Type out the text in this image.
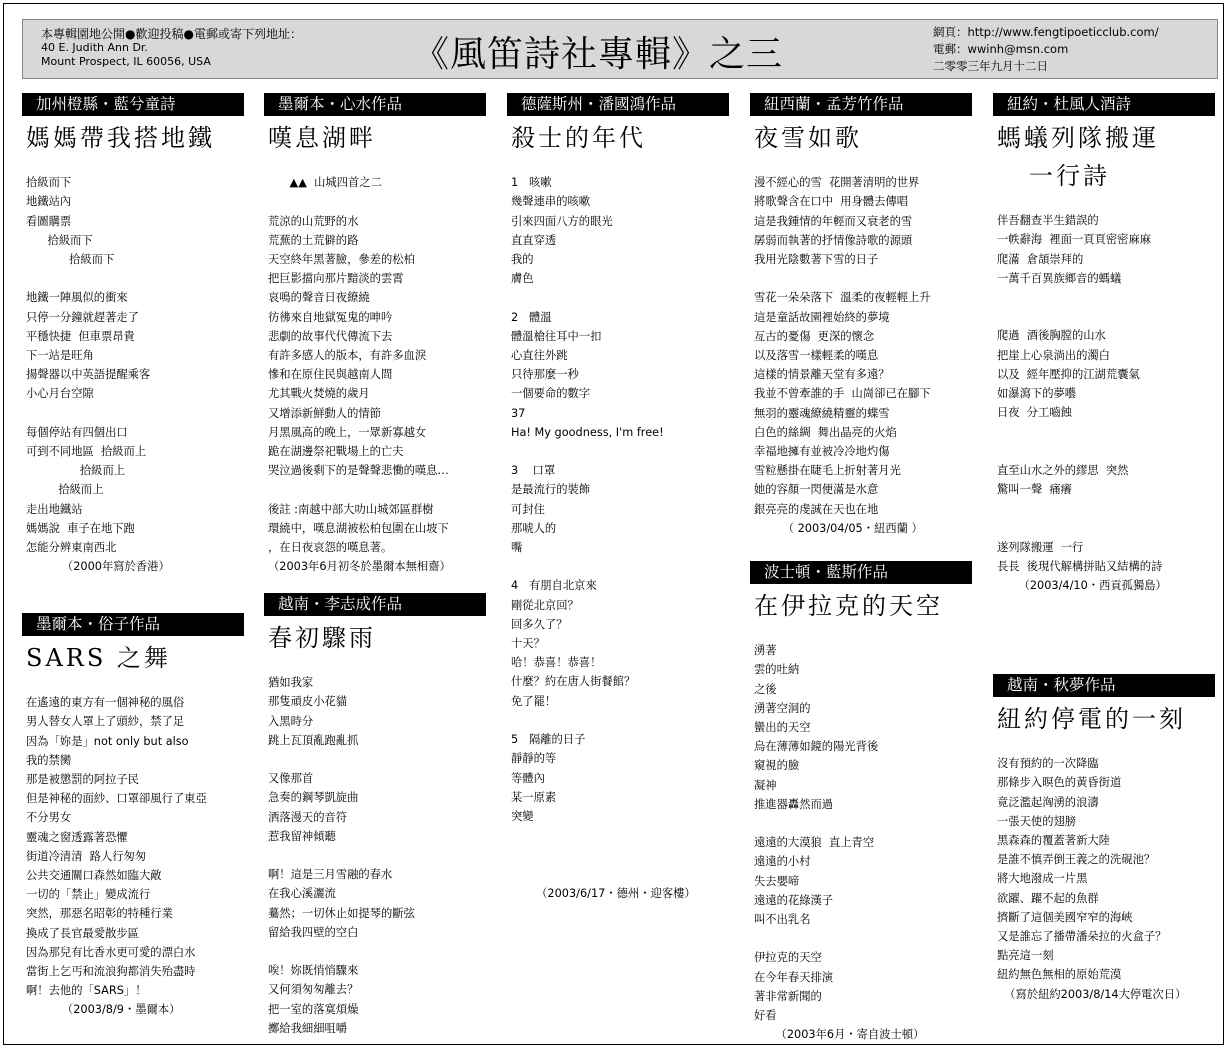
本專輯園地公開●歡迎投稿●電郵或寄下列地址：
40 E. Judith Ann Dr.
Mount Prospect, IL 60056, USA	《風笛詩社專輯》之三
網頁：http://www.fengtipoeticclub.com/
電郵：wwinh@msn.com
二零零三年九月十二日
加州橙縣・藍兮童詩
媽媽帶我搭地鐵

拾級而下
地鐵站內
看圖購票
拾級而下
拾級而下

地鐵一陣風似的衝來
只停一分鐘就趕著走了
平穩快捷  但車票昂貴
下一站是旺角
揚聲器以中英語提醒乘客
小心月台空隙

每個停站有四個出口
可到不同地區  拾級而上
拾級而上
拾級而上
走出地鐵站
媽媽說  車子在地下跑
怎能分辨東南西北
（2000年寫於香港）
墨爾本・俗子作品
SARS 之舞

在遙遠的東方有一個神秘的風俗
男人替女人罩上了頭紗，禁了足
因為「妳是」not only but also
我的禁臠
那是被懲罰的阿拉子民
但是神秘的面紗、口罩卻風行了東亞
不分男女
靈魂之窗透露著恐懼
街道冷清清  路人行匆匆
公共交通關口森然如臨大敵
一切的「禁止」變成流行
突然，那惡名昭彰的特種行業
換成了長官最愛散步區
因為那兒有比香水更可愛的漂白水
當街上乞丐和流浪狗都消失殆盡時
啊！去他的「SARS」！
（2003/8/9・墨爾本）
墨爾本・心水作品
嘆息湖畔

▲▲  山城四首之二

荒涼的山荒野的水
荒蕪的土荒僻的路
天空終年黑著臉，參差的松柏
把巨影擋向那片黯淡的雲霄
哀鳴的聲音日夜繚繞
彷彿來自地獄冤鬼的呻吟
悲劇的故事代代傳流下去
有許多感人的版本，有許多血淚
慘和在原住民與越南人間
尤其戰火焚燒的歲月
又增添新鮮動人的情節
月黑風高的晚上，一眾新寡越女
跪在湖邊祭祀戰場上的亡夫
哭泣過後剩下的是聲聲悲慟的嘆息…

後註 :南越中部大叻山城郊區群樹
環繞中，嘆息湖被松柏包圍在山坡下
，在日夜哀怨的嘆息著。
（2003年6月初冬於墨爾本無相齋）
越南・李志成作品
春初驟雨

猶如我家
那隻頑皮小花貓
入黑時分
跳上瓦頂亂跑亂抓

又像那首
急奏的鋼琴凱旋曲
洒落漫天的音符
惹我留神傾聽

啊！這是三月雪融的春水
在我心溪灑流
驀然；一切休止如提琴的斷弦
留給我四壁的空白

唉！妳既悄悄驟來
又何須匆匆離去？
把一室的落寞煩燥
擲給我細細咀嚼
德薩斯州・潘國鴻作品
殺士的年代

1   咳嗽
幾聲連串的咳嗽
引來四面八方的眼光
直直穿透
我的
膚色

2   體溫
體溫槍往耳中一扣
心直往外跳
只待那麼一秒
一個要命的數字
37
Ha! My goodness, I'm free!

3    口罩
是最流行的裝飾
可封住
那唬人的
嘴

4   有朋自北京來
剛從北京回？
回多久了？
十天？
哈！恭喜！恭喜！
什麼？約在唐人街餐館？
免了罷！

5   隔離的日子
靜靜的等
等體內
某一原素
突變

（2003/6/17・德州・迎客樓）
紐西蘭・孟芳竹作品
夜雪如歌

漫不經心的雪  花開著清明的世界
將歌聲含在口中  用身體去傳唱
這是我鍾情的年輕而又衰老的雪
孱弱而執著的抒情像詩歌的源頭
我用光陰數著下雪的日子

雪花一朵朵落下  溫柔的夜輕輕上升
這是童話故園裡始終的夢境
亙古的憂傷  更深的懷念
以及落雪一樣輕柔的嘆息
這樣的情景離天堂有多遠？
我並不曾牽誰的手  山崗卻已在腳下
無羽的靈魂繚繞精靈的蝶雪
白色的絲綢  舞出晶亮的火焰
幸福地擁有並被冷冷地灼傷
雪粒懸掛在睫毛上折射著月光
她的容顏一閃便滿是水意
銀亮亮的虔誠在天也在地
（ 2003/04/05・紐西蘭 ）
波士頓・藍斯作品
在伊拉克的天空

湧著
雲的吐納
之後
湧著空洞的
蠻出的天空
烏在薄薄如鏡的陽光背後
窺視的臉
凝神
推進器轟然而過

遠遠的大漠狼  直上青空
遠遠的小村
失去嬰啼
遠遠的花綠漢子
叫不出乳名

伊拉克的天空
在今年春天排演
著非常新聞的
好看
（2003年6月・寄自波士頓）
紐約・杜風人酒詩
螞蟻列隊搬運
一行詩

伴吾翻查半生錯誤的
一帙辭海  裡面一頁頁密密麻麻
爬滿  倉頡崇拜的
一萬千百異族鄉音的螞蟻

爬過  酒後胸膛的山水
把崖上心泉淌出的濁白
以及  經年壓抑的江湖荒囊氣
如瀑瀉下的夢囈
日夜  分工嚙蝕

直至山水之外的繆思  突然
驚叫一聲  痛癢

遂列隊搬運  一行
長長  後現代解構拼貼又結構的詩
（2003/4/10・西貢孤獨島）
越南・秋夢作品
紐約停電的一刻

沒有預約的一次降臨
那條步入暝色的黃昏街道
竟泛濫起洶湧的浪濤
一張天使的翅膀
黑森森的覆蓋著新大陸
是誰不慎弄倒王義之的洗硯池？
將大地潑成一片黑
欲躍、躍不起的魚群
擠斷了這個美國窄窄的海峽
又是誰忘了播帶潘朵拉的火盒子？
點亮這一刻
紐約無色無相的原始荒漠
（寫於紐約2003/8/14大停電次日）
